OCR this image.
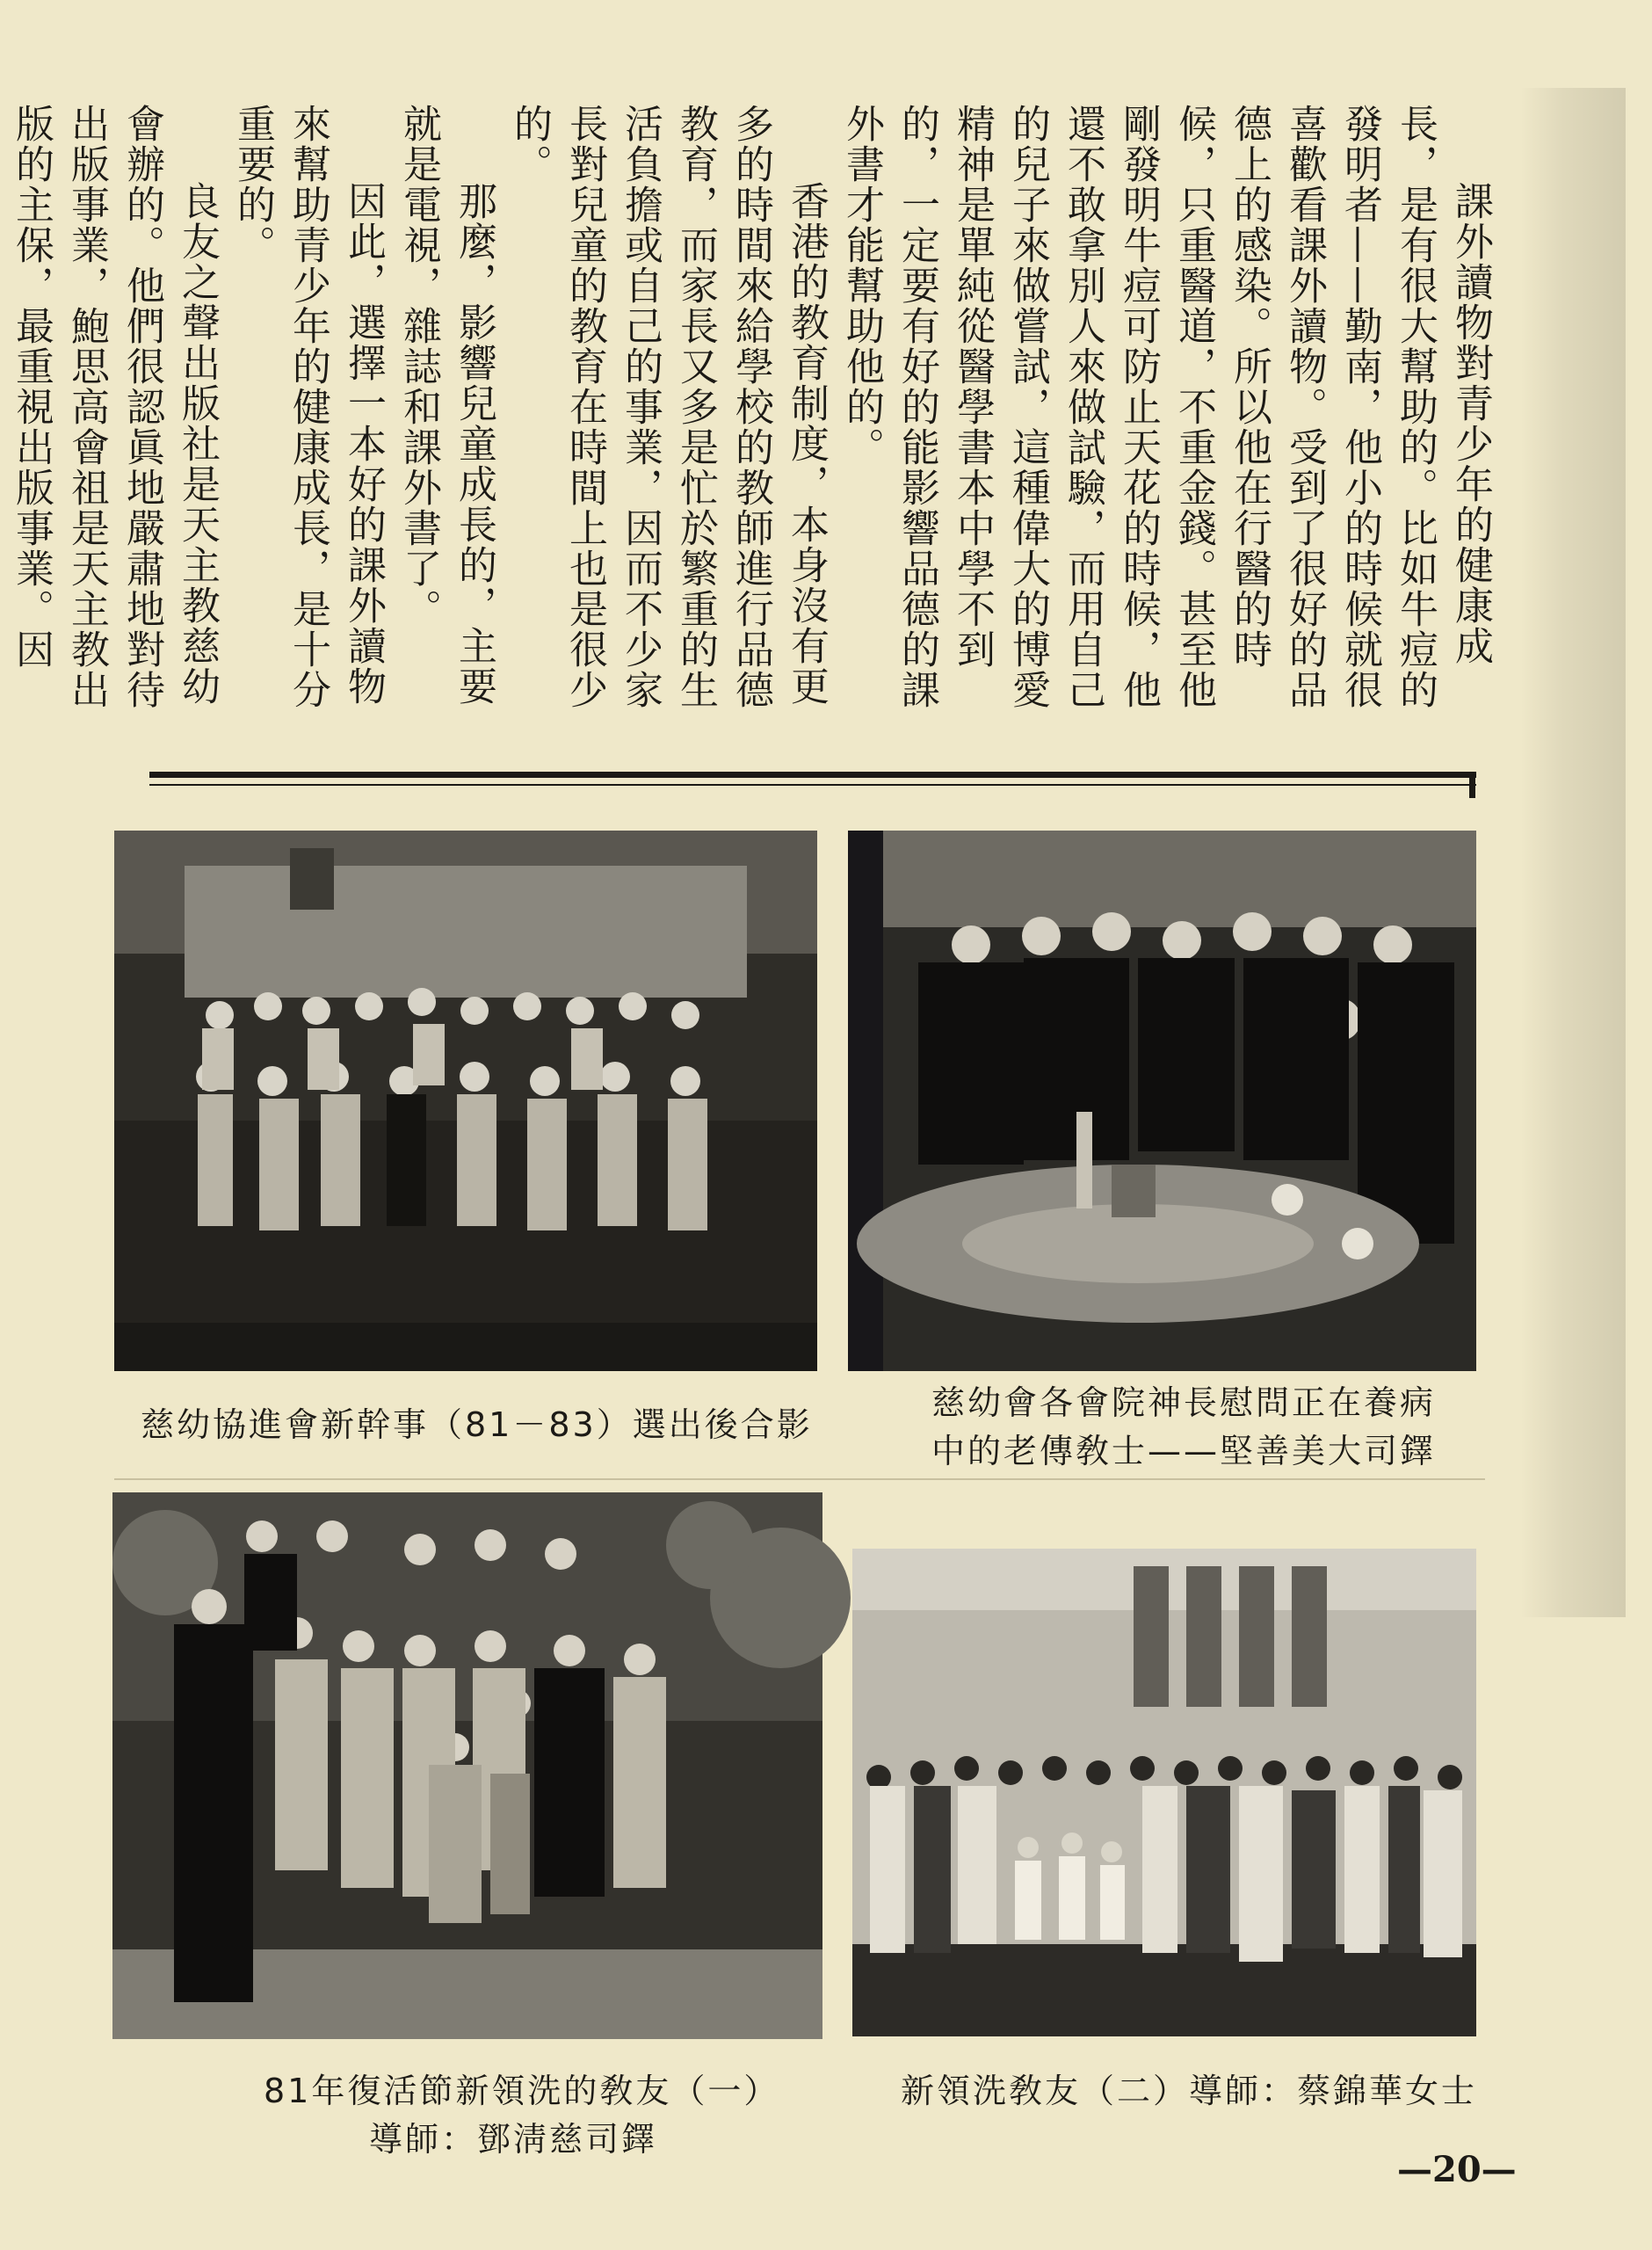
課外讀物對青少年的健康成長，是有很大幫助的。比如牛痘的發明者——勤南，他小的時候就很喜歡看課外讀物。受到了很好的品德上的感染。所以他在行醫的時候，只重醫道，不重金錢。甚至他剛發明牛痘可防止天花的時候，他還不敢拿別人來做試驗，而用自己的兒子來做嘗試，這種偉大的博愛精神是單純從醫學書本中學不到的，一定要有好的能影響品德的課外書才能幫助他的。

香港的教育制度，本身沒有更多的時間來給學校的教師進行品德教育，而家長又多是忙於繁重的生活負擔或自己的事業，因而不少家長對兒童的教育在時間上也是很少的。

那麼，影響兒童成長的，主要就是電視，雜誌和課外書了。

因此，選擇一本好的課外讀物來幫助青少年的健康成長，是十分重要的。

良友之聲出版社是天主教慈幼會辦的。他們很認眞地嚴肅地對待出版事業，鮑思高會祖是天主教出版的主保，最重視出版事業。因

慈幼協進會新幹事（81－83）選出後合影
慈幼會各會院神長慰問正在養病
中的老傳敎士——堅善美大司鐸
81年復活節新領洗的敎友（一）
導師：鄧淸慈司鐸
新領洗敎友（二）導師：蔡錦華女士
—20—
